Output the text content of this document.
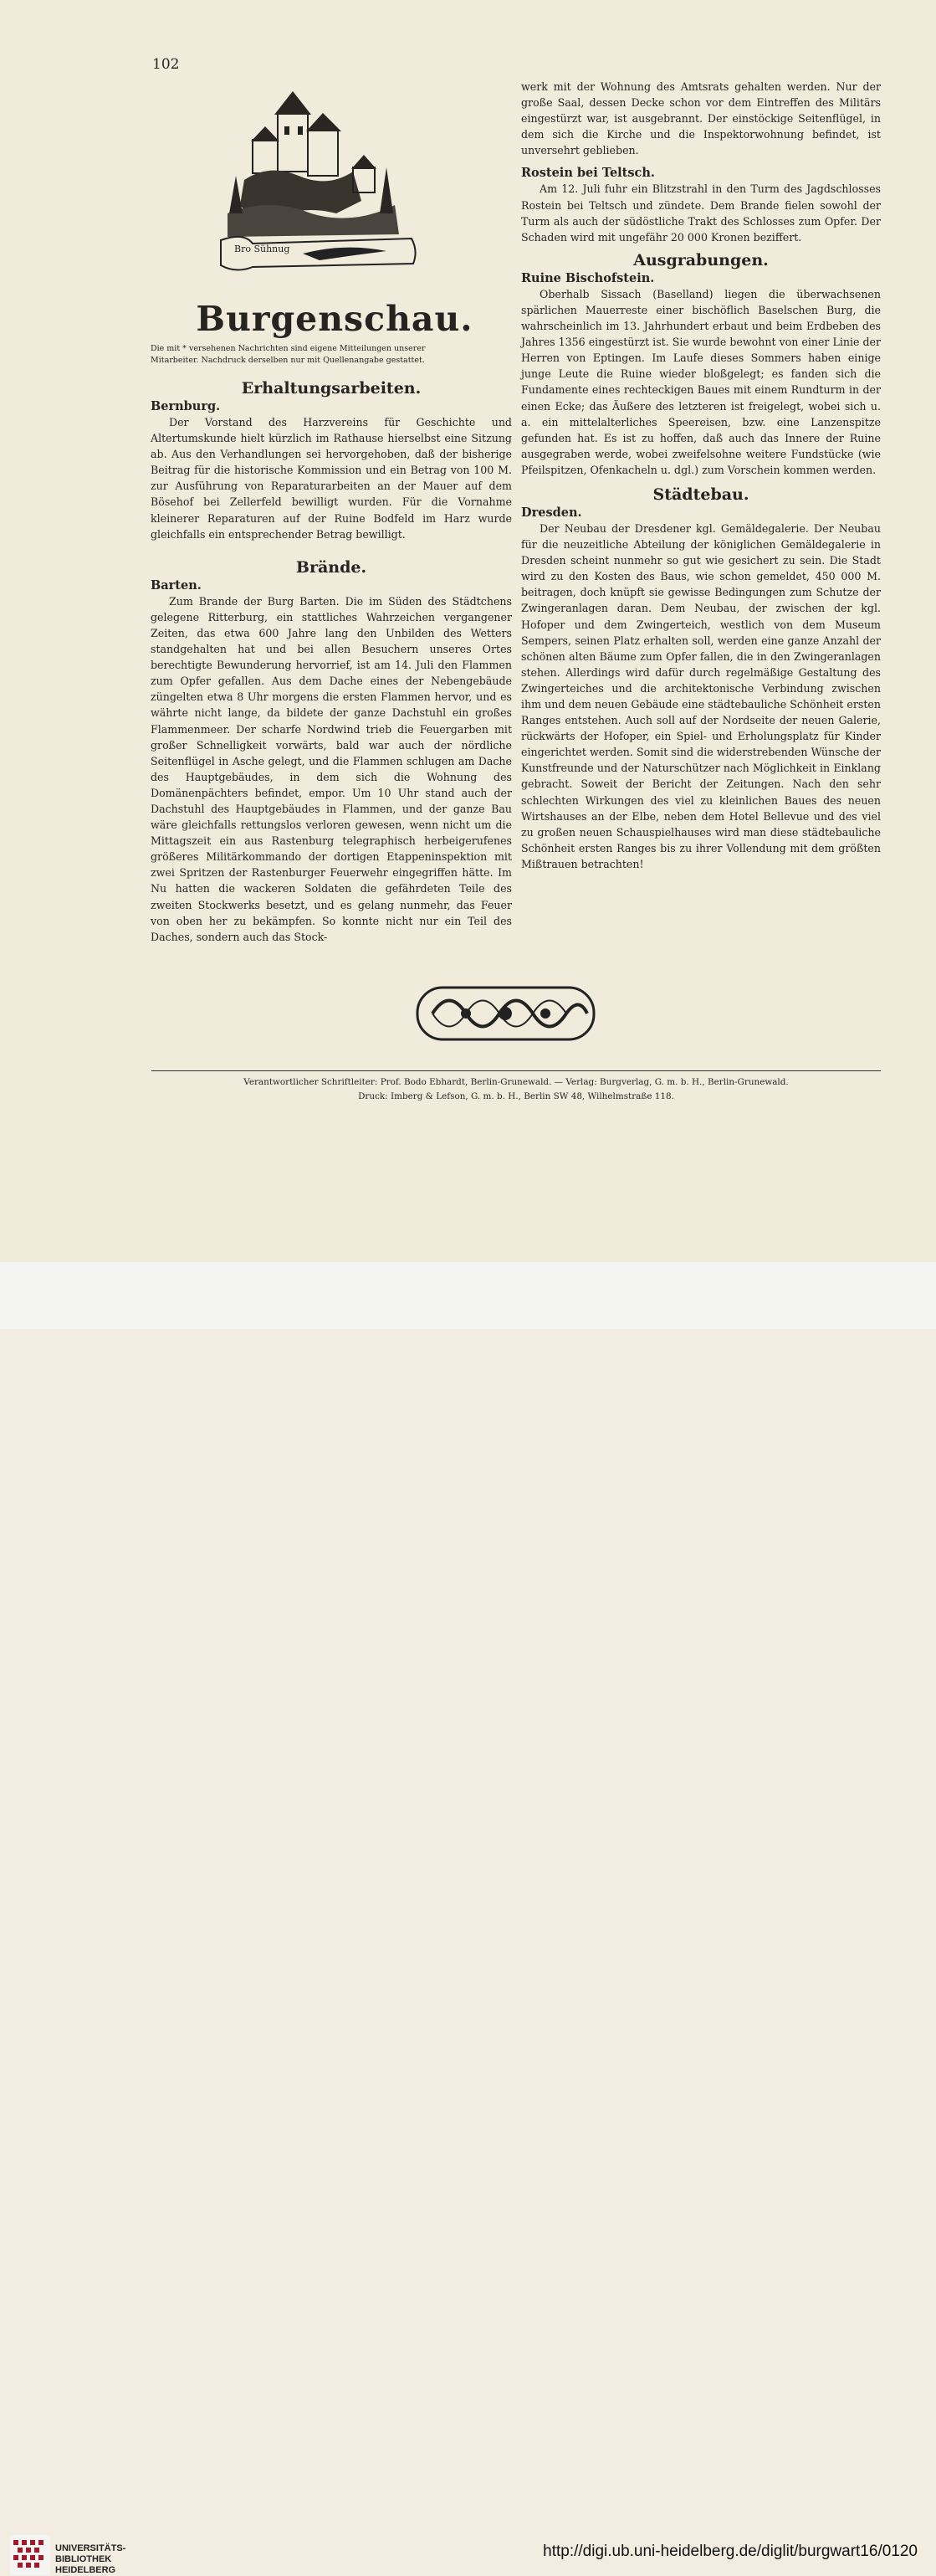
102
Bro Sühnug
Burgenschau.
Die mit * versehenen Nachrichten sind eigene Mitteilungen unserer
Mitarbeiter. Nachdruck derselben nur mit Quellenangabe gestattet.
Erhaltungsarbeiten.
Bernburg.

Der Vorstand des Harzvereins für Geschichte und Altertumskunde hielt kürzlich im Rathause hierselbst eine Sitzung ab. Aus den Verhandlungen sei hervorgehoben, daß der bisherige Beitrag für die historische Kommission und ein Betrag von 100 M. zur Ausführung von Reparaturarbeiten an der Mauer auf dem Bösehof bei Zellerfeld bewilligt wurden. Für die Vornahme kleinerer Reparaturen auf der Ruine Bodfeld im Harz wurde gleichfalls ein entsprechender Betrag bewilligt.

Brände.
Barten.

Zum Brande der Burg Barten. Die im Süden des Städtchens gelegene Ritterburg, ein stattliches Wahrzeichen vergangener Zeiten, das etwa 600 Jahre lang den Unbilden des Wetters standgehalten hat und bei allen Besuchern unseres Ortes berechtigte Bewunderung hervorrief, ist am 14. Juli den Flammen zum Opfer gefallen. Aus dem Dache eines der Nebengebäude züngelten etwa 8 Uhr morgens die ersten Flammen hervor, und es währte nicht lange, da bildete der ganze Dachstuhl ein großes Flammenmeer. Der scharfe Nordwind trieb die Feuergarben mit großer Schnelligkeit vorwärts, bald war auch der nördliche Seitenflügel in Asche gelegt, und die Flammen schlugen am Dache des Hauptgebäudes, in dem sich die Wohnung des Domänenpächters befindet, empor. Um 10 Uhr stand auch der Dachstuhl des Hauptgebäudes in Flammen, und der ganze Bau wäre gleichfalls rettungslos verloren gewesen, wenn nicht um die Mittagszeit ein aus Rastenburg telegraphisch herbeigerufenes größeres Militärkommando der dortigen Etappeninspektion mit zwei Spritzen der Rastenburger Feuerwehr eingegriffen hätte. Im Nu hatten die wackeren Soldaten die gefährdeten Teile des zweiten Stockwerks besetzt, und es gelang nunmehr, das Feuer von oben her zu bekämpfen. So konnte nicht nur ein Teil des Daches, sondern auch das Stock-

werk mit der Wohnung des Amtsrats gehalten werden. Nur der große Saal, dessen Decke schon vor dem Eintreffen des Militärs eingestürzt war, ist ausgebrannt. Der einstöckige Seitenflügel, in dem sich die Kirche und die Inspektorwohnung befindet, ist unversehrt geblieben.

Rostein bei Teltsch.

Am 12. Juli fuhr ein Blitzstrahl in den Turm des Jagdschlosses Rostein bei Teltsch und zündete. Dem Brande fielen sowohl der Turm als auch der südöstliche Trakt des Schlosses zum Opfer. Der Schaden wird mit ungefähr 20 000 Kronen beziffert.

Ausgrabungen.
Ruine Bischofstein.

Oberhalb Sissach (Baselland) liegen die überwachsenen spärlichen Mauerreste einer bischöflich Baselschen Burg, die wahrscheinlich im 13. Jahrhundert erbaut und beim Erdbeben des Jahres 1356 eingestürzt ist. Sie wurde bewohnt von einer Linie der Herren von Eptingen. Im Laufe dieses Sommers haben einige junge Leute die Ruine wieder bloßgelegt; es fanden sich die Fundamente eines rechteckigen Baues mit einem Rundturm in der einen Ecke; das Äußere des letzteren ist freigelegt, wobei sich u. a. ein mittelalterliches Speereisen, bzw. eine Lanzenspitze gefunden hat. Es ist zu hoffen, daß auch das Innere der Ruine ausgegraben werde, wobei zweifelsohne weitere Fundstücke (wie Pfeilspitzen, Ofenkacheln u. dgl.) zum Vorschein kommen werden.

Städtebau.
Dresden.

Der Neubau der Dresdener kgl. Gemäldegalerie. Der Neubau für die neuzeitliche Abteilung der königlichen Gemäldegalerie in Dresden scheint nunmehr so gut wie gesichert zu sein. Die Stadt wird zu den Kosten des Baus, wie schon gemeldet, 450 000 M. beitragen, doch knüpft sie gewisse Bedingungen zum Schutze der Zwingeranlagen daran. Dem Neubau, der zwischen der kgl. Hofoper und dem Zwingerteich, westlich von dem Museum Sempers, seinen Platz erhalten soll, werden eine ganze Anzahl der schönen alten Bäume zum Opfer fallen, die in den Zwingeranlagen stehen. Allerdings wird dafür durch regelmäßige Gestaltung des Zwingerteiches und die architektonische Verbindung zwischen ihm und dem neuen Gebäude eine städtebauliche Schönheit ersten Ranges entstehen. Auch soll auf der Nordseite der neuen Galerie, rückwärts der Hofoper, ein Spiel- und Erholungsplatz für Kinder eingerichtet werden. Somit sind die widerstrebenden Wünsche der Kunstfreunde und der Naturschützer nach Möglichkeit in Einklang gebracht. Soweit der Bericht der Zeitungen. Nach den sehr schlechten Wirkungen des viel zu kleinlichen Baues des neuen Wirtshauses an der Elbe, neben dem Hotel Bellevue und des viel zu großen neuen Schauspielhauses wird man diese städtebauliche Schönheit ersten Ranges bis zu ihrer Vollendung mit dem größten Mißtrauen betrachten!

Verantwortlicher Schriftleiter: Prof. Bodo Ebhardt, Berlin-Grunewald. — Verlag: Burgverlag, G. m. b. H., Berlin-Grunewald.
Druck: Imberg & Lefson, G. m. b. H., Berlin SW 48, Wilhelmstraße 118.
UNIVERSITÄTS-
BIBLIOTHEK
HEIDELBERG
http://digi.ub.uni-heidelberg.de/diglit/burgwart16/0120
